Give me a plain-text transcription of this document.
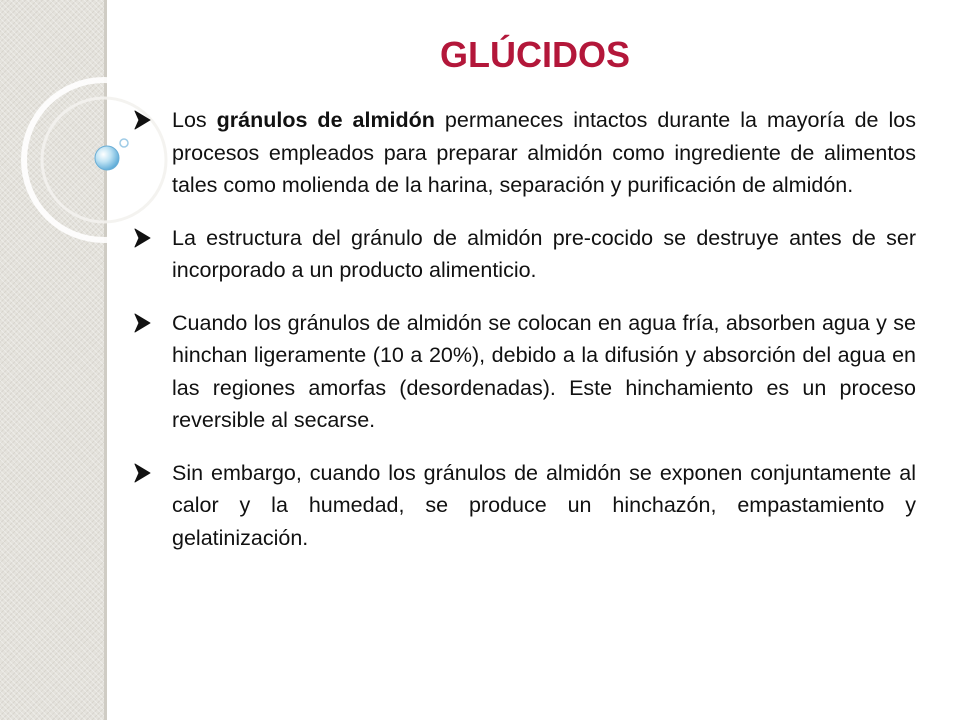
GLÚCIDOS
Los gránulos de almidón permaneces intactos durante la mayoría de los procesos empleados para preparar almidón como ingrediente de alimentos tales como molienda de la harina, separación y purificación de almidón.
La estructura del gránulo de almidón pre-cocido se destruye antes de ser incorporado a un producto alimenticio.
Cuando los gránulos de almidón se colocan en agua fría, absorben agua y se hinchan ligeramente (10 a 20%), debido a la difusión y absorción del agua en las regiones amorfas (desordenadas). Este hinchamiento es un proceso reversible al secarse.
Sin embargo, cuando los gránulos de almidón se exponen conjuntamente al calor y la humedad, se produce un hinchazón, empastamiento y gelatinización.
